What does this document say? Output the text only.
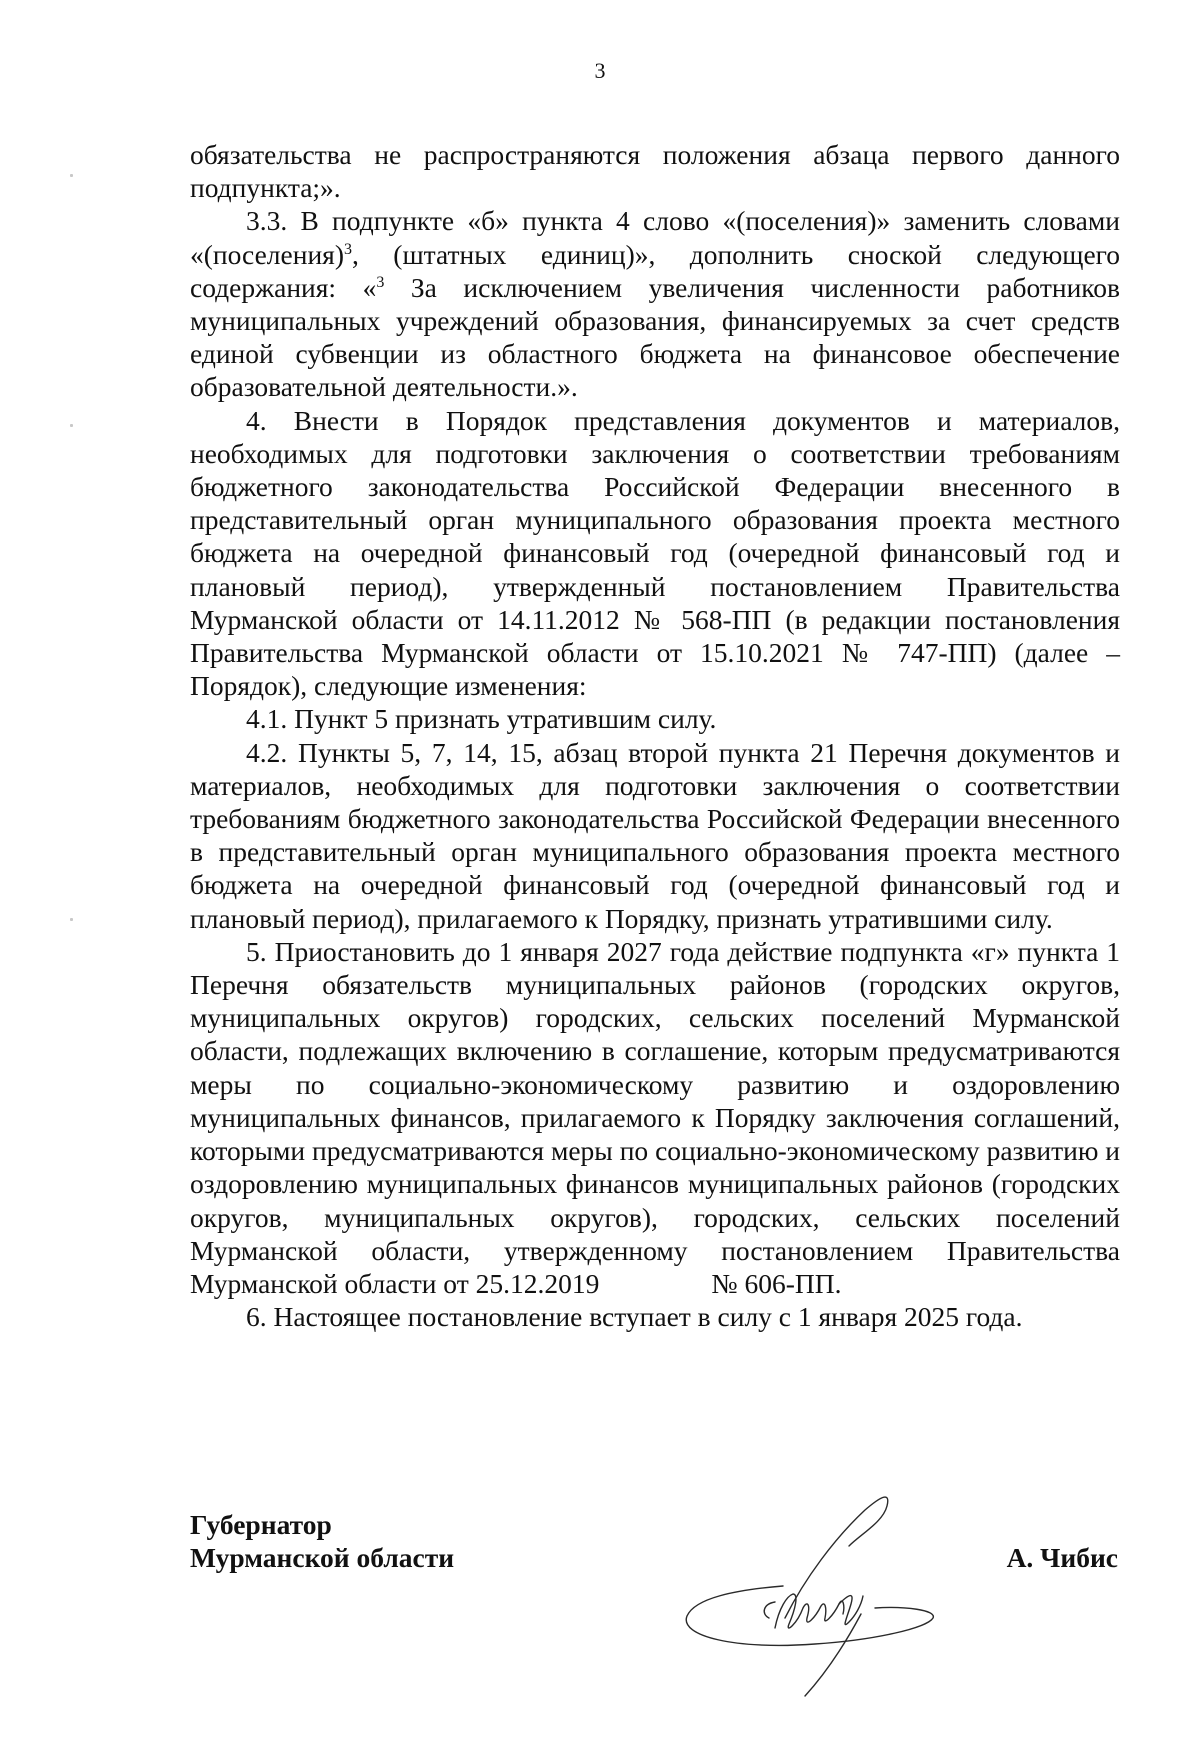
3

обязательства не распространяются положения абзаца первого данного подпункта;».

3.3. В подпункте «б» пункта 4 слово «(поселения)» заменить словами «(поселения)$^3$, (штатных единиц)», дополнить сноской следующего содержания: «$^3$ За исключением увеличения численности работников муниципальных учреждений образования, финансируемых за счет средств единой субвенции из областного бюджета на финансовое обеспечение образовательной деятельности.».

4. Внести в Порядок представления документов и материалов, необходимых для подготовки заключения о соответствии требованиям бюджетного законодательства Российской Федерации внесенного в представительный орган муниципального образования проекта местного бюджета на очередной финансовый год (очередной финансовый год и плановый период), утвержденный постановлением Правительства Мурманской области от 14.11.2012 № 568-ПП (в редакции постановления Правительства Мурманской области от 15.10.2021 № 747-ПП) (далее – Порядок), следующие изменения:

4.1. Пункт 5 признать утратившим силу.

4.2. Пункты 5, 7, 14, 15, абзац второй пункта 21 Перечня документов и материалов, необходимых для подготовки заключения о соответствии требованиям бюджетного законодательства Российской Федерации внесенного в представительный орган муниципального образования проекта местного бюджета на очередной финансовый год (очередной финансовый год и плановый период), прилагаемого к Порядку, признать утратившими силу.

5. Приостановить до 1 января 2027 года действие подпункта «г» пункта 1 Перечня обязательств муниципальных районов (городских округов, муниципальных округов) городских, сельских поселений Мурманской области, подлежащих включению в соглашение, которым предусматриваются меры по социально-экономическому развитию и оздоровлению муниципальных финансов, прилагаемого к Порядку заключения соглашений, которыми предусматриваются меры по социально-экономическому развитию и оздоровлению муниципальных финансов муниципальных районов (городских округов, муниципальных округов), городских, сельских поселений Мурманской области, утвержденному постановлением Правительства Мурманской области от 25.12.2019	№ 606-ПП.

6. Настоящее постановление вступает в силу с 1 января 2025 года.

Губернатор
Мурманской области	А. Чибис
